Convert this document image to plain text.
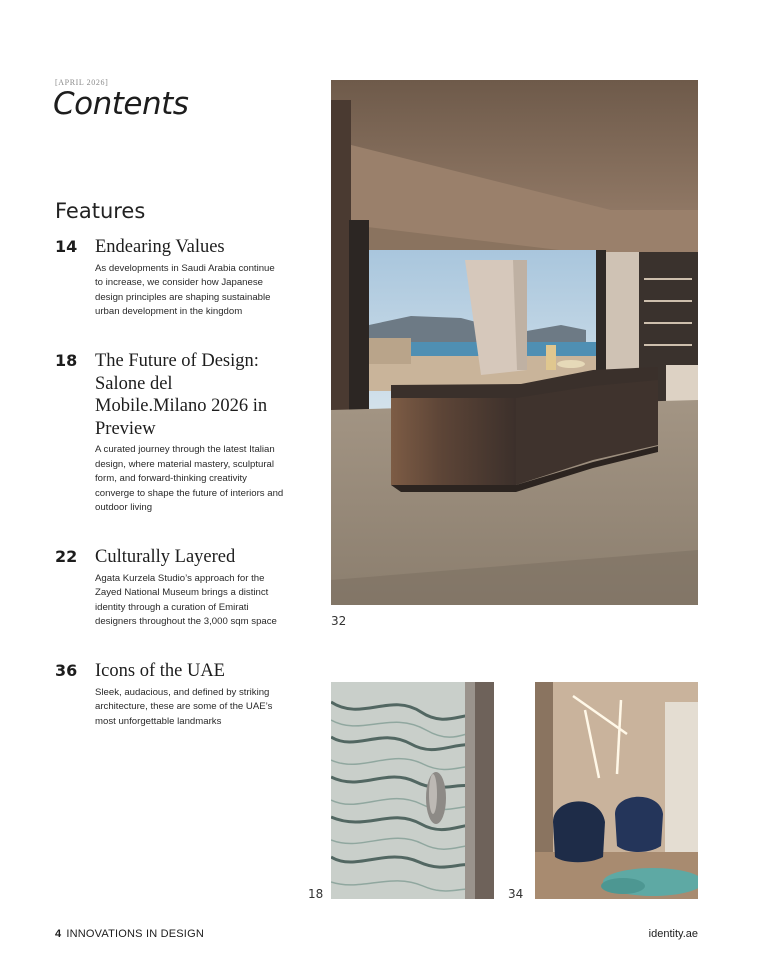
[APRIL 2026]
Contents
Features
14 Endearing Values
As developments in Saudi Arabia continue to increase, we consider how Japanese design principles are shaping sustainable urban development in the kingdom
18 The Future of Design: Salone del Mobile.Milano 2026 in Preview
A curated journey through the latest Italian design, where material mastery, sculptural form, and forward-thinking creativity converge to shape the future of interiors and outdoor living
22 Culturally Layered
Agata Kurzela Studio’s approach for the Zayed National Museum brings a distinct identity through a curation of Emirati designers throughout the 3,000 sqm space
36 Icons of the UAE
Sleek, audacious, and defined by striking architecture, these are some of the UAE’s most unforgettable landmarks
32
18	34
4 INNOVATIONS IN DESIGN	identity.ae
